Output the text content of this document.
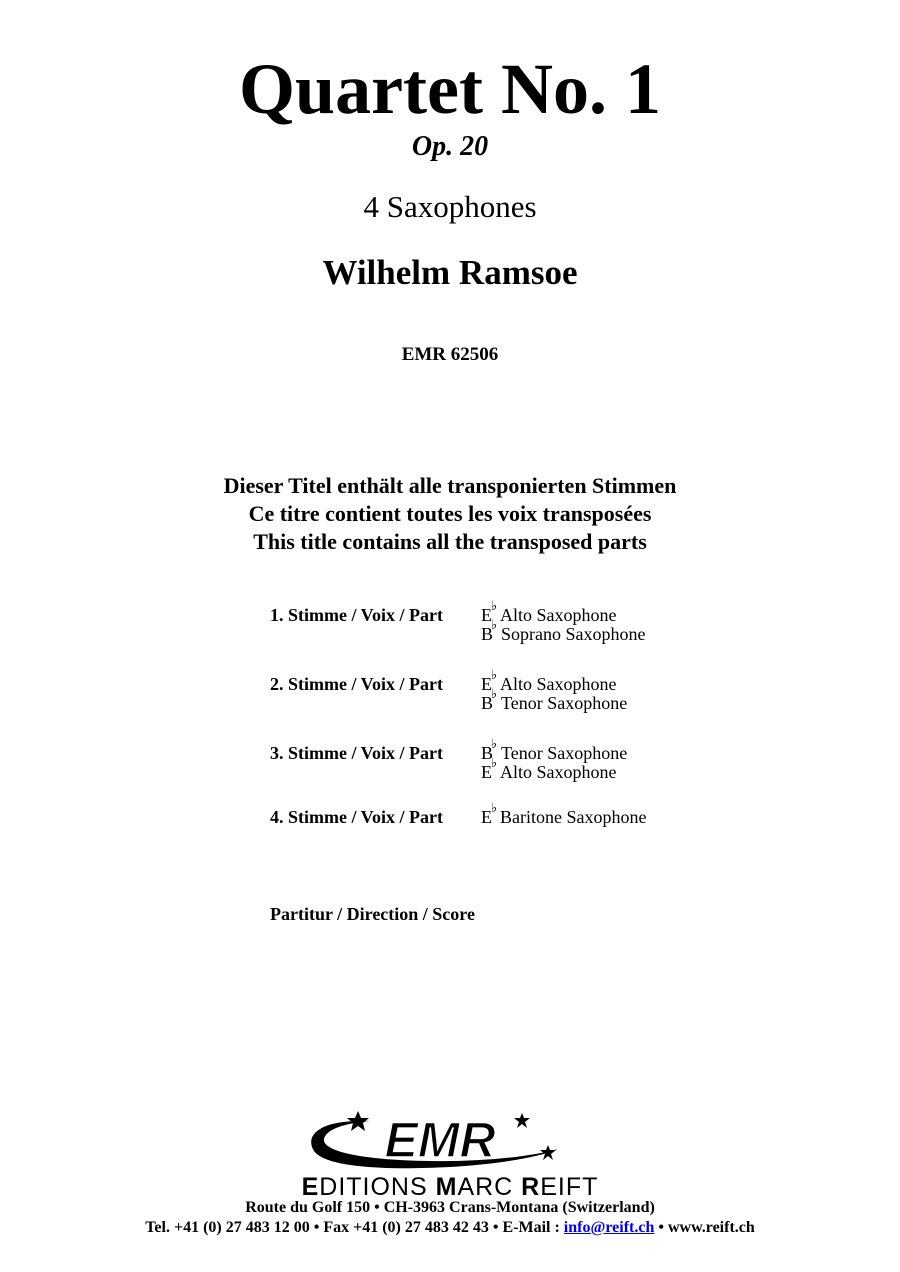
Quartet No. 1
Op. 20
4 Saxophones
Wilhelm Ramsoe
EMR 62506
Dieser Titel enthält alle transponierten Stimmen
Ce titre contient toutes les voix transposées
This title contains all the transposed parts
1. Stimme / Voix / Part E ♭ Alto Saxophone
B
♭ Soprano Saxophone
2. Stimme / Voix / Part E ♭ Alto Saxophone
B
♭ Tenor Saxophone
3. Stimme / Voix / Part B
♭ Tenor Saxophone
E ♭ Alto Saxophone
4. Stimme / Voix / Part E ♭ Baritone Saxophone
Partitur / Direction / Score
EMR
EDITIONS MARC REIFT
Route du Golf 150 • CH-3963 Crans-Montana (Switzerland)
Tel. +41 (0) 27 483 12 00 • Fax +41 (0) 27 483 42 43 • E-Mail : info@reift.ch • www.reift.ch
